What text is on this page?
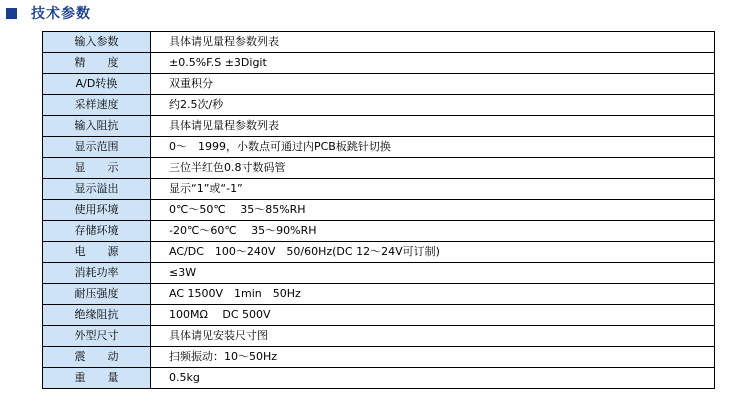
技术参数
输入参数	具体请见量程参数列表
精　　度	±0.5%F.S ±3Digit
A/D转换	双重积分
采样速度	约2.5次/秒
输入阻抗	具体请见量程参数列表
显示范围	0～　1999，小数点可通过内PCB板跳针切换
显　　示	三位半红色0.8寸数码管
显示溢出	显示“1”或“-1”
使用环境	0℃～50℃　 35～85%RH
存储环境	-20℃～60℃　 35～90%RH
电　　源	AC/DC　100～240V　50/60Hz(DC 12～24V可订制)
消耗功率	≤3W
耐压强度	AC 1500V　1min　50Hz
绝缘阻抗	100MΩ　 DC 500V
外型尺寸	具体请见安装尺寸图
震　　动	扫频振动：10～50Hz
重　　量	0.5kg
